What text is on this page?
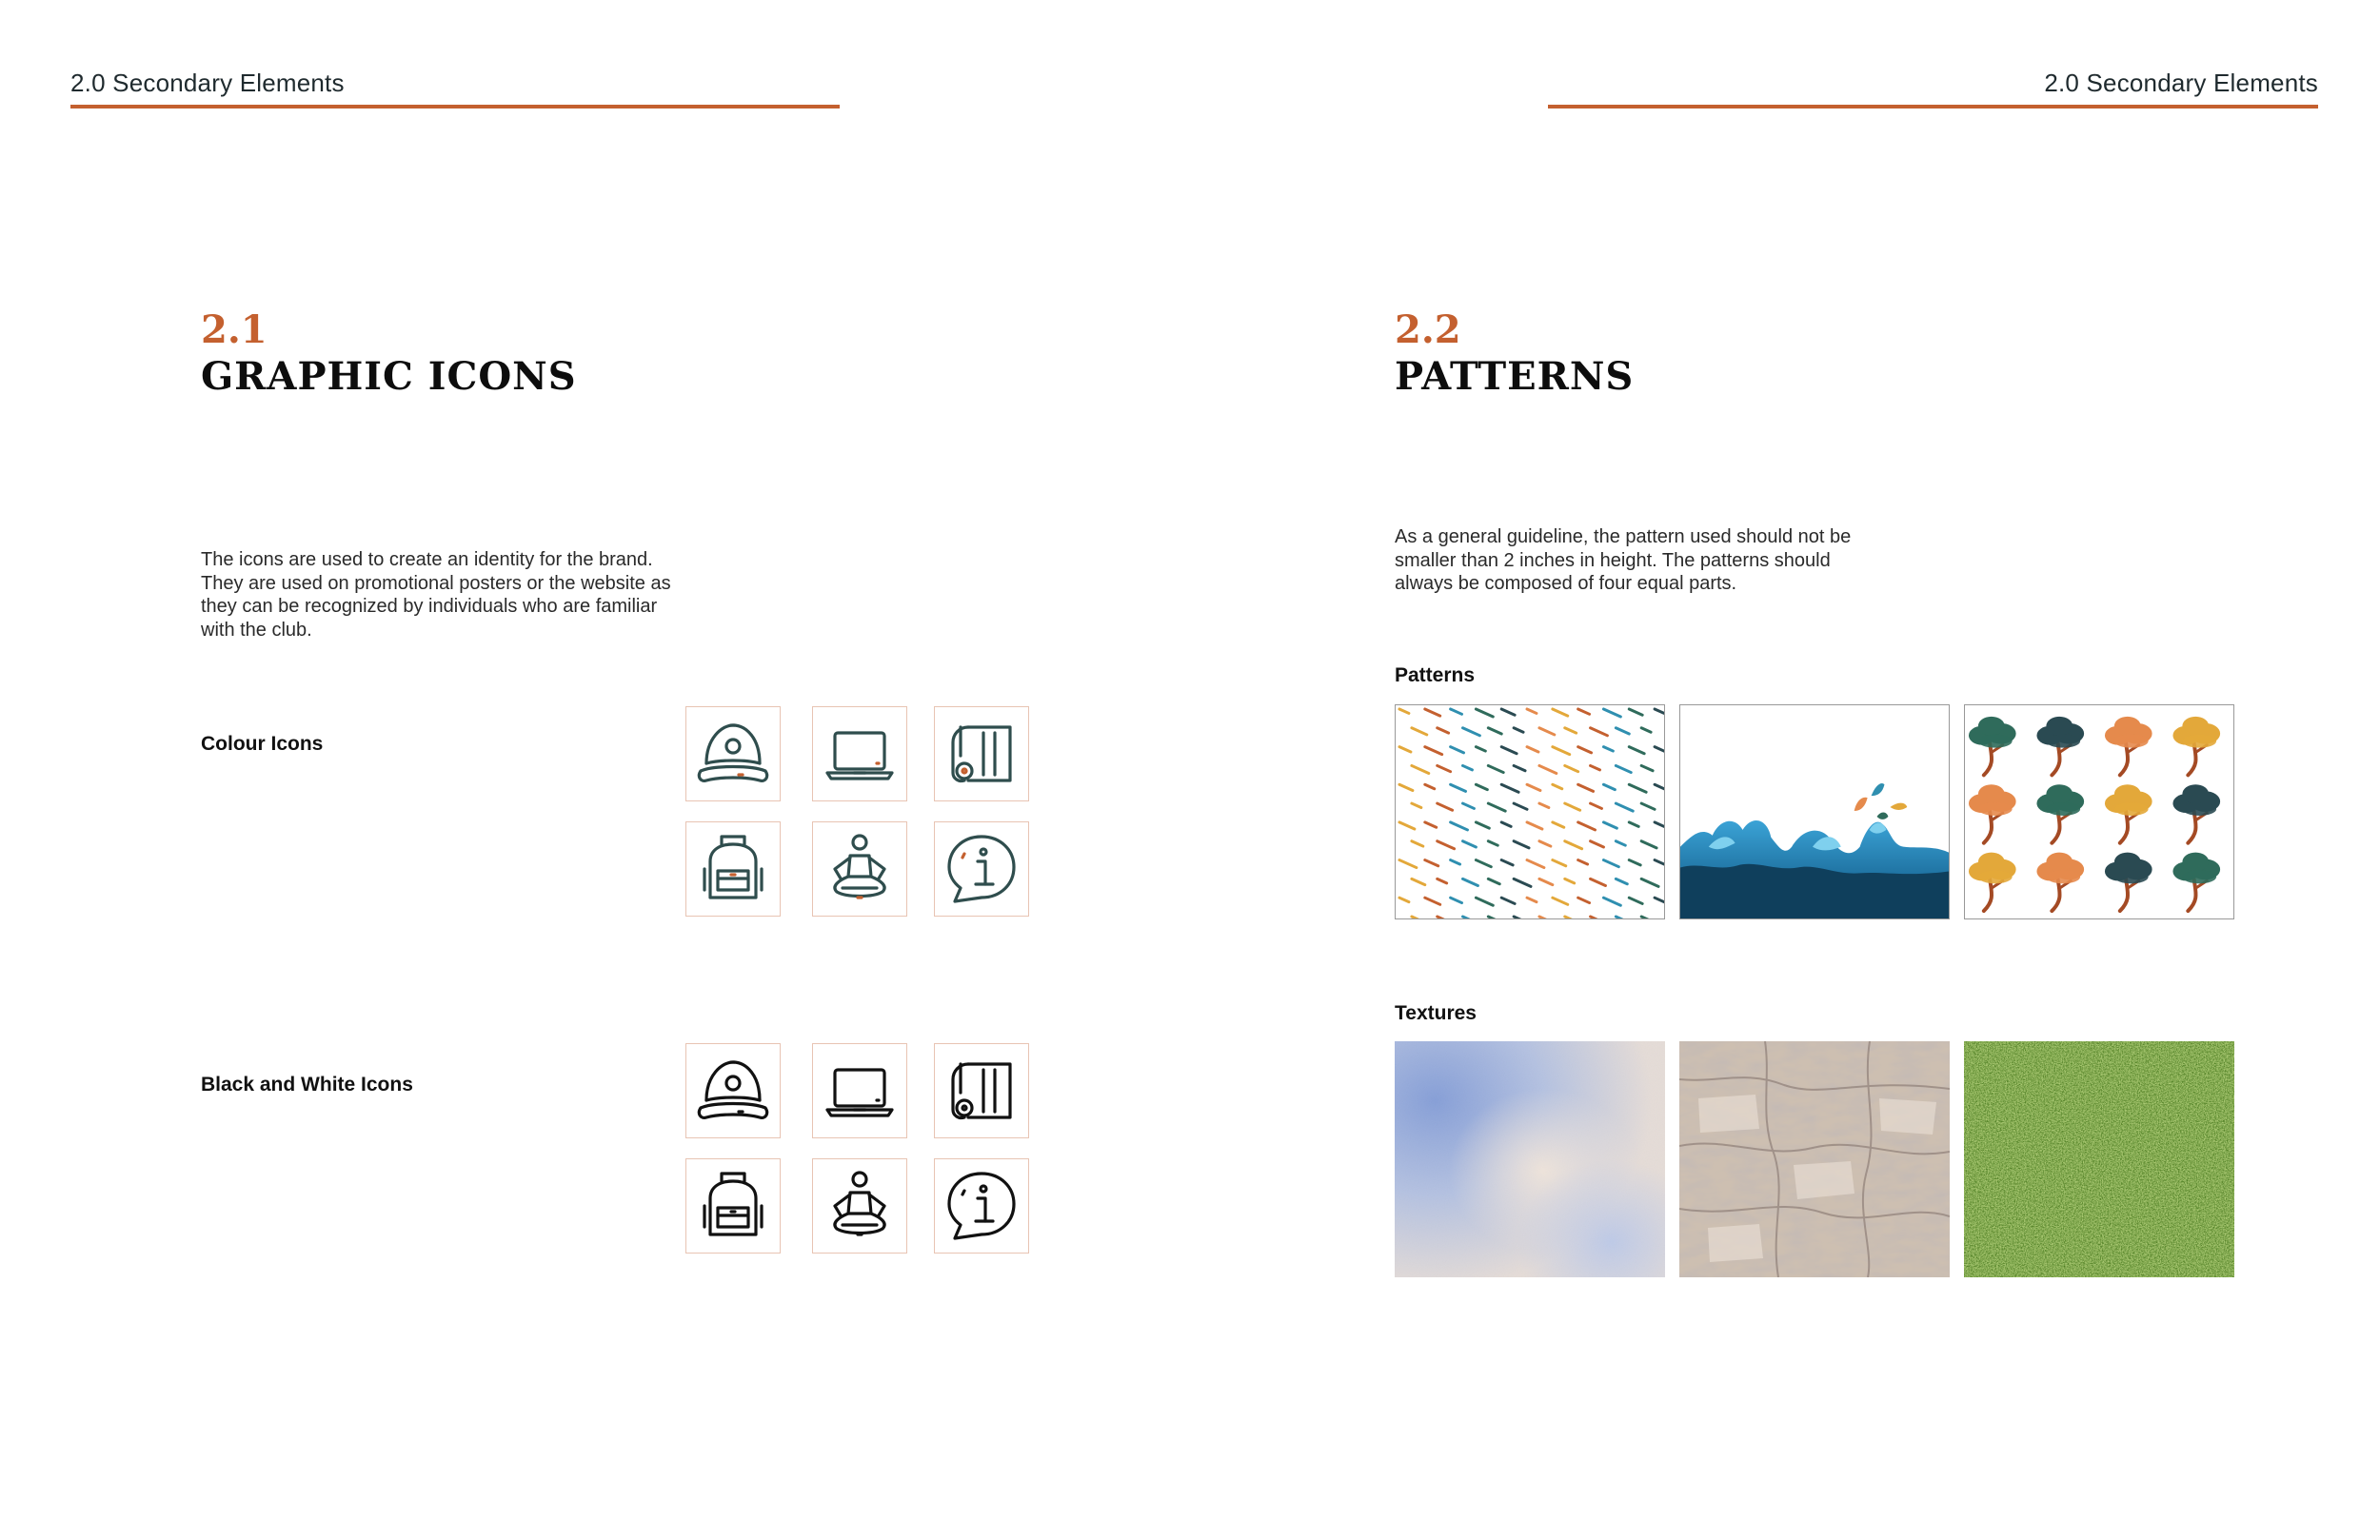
2.0 Secondary Elements	2.0 Secondary Elements
2.1
GRAPHIC ICONS
The icons are used to create an identity for the brand. They are used on promotional posters or the website as they can be recognized by individuals who are familiar with the club.
Colour Icons
Black and White Icons
2.2
PATTERNS
As a general guideline, the pattern used should not be smaller than 2 inches in height. The patterns should always be composed of four equal parts.
Patterns
Textures
